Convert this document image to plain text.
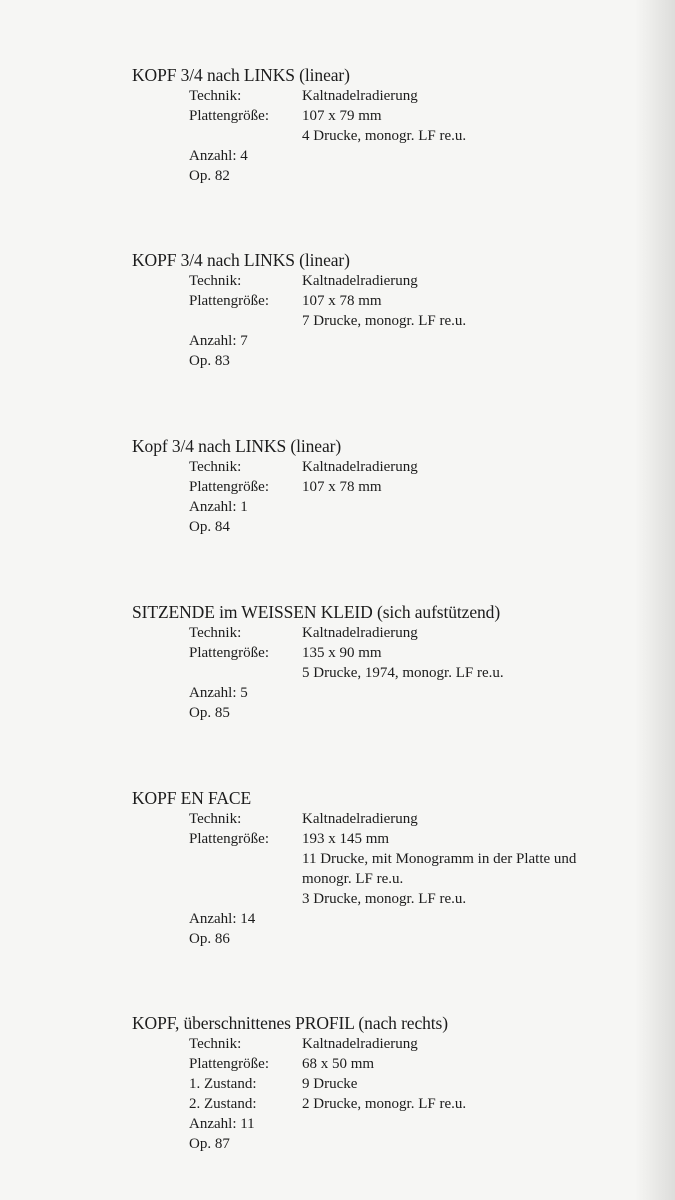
KOPF 3/4 nach LINKS (linear)
Technik:	Kaltnadelradierung
Plattengröße: 107 x 79 mm
4 Drucke, monogr. LF re.u.
Anzahl: 4
Op. 82
KOPF 3/4 nach LINKS (linear)
Technik:	Kaltnadelradierung
Plattengröße: 107 x 78 mm
7 Drucke, monogr. LF re.u.
Anzahl: 7
Op. 83
Kopf 3/4 nach LINKS (linear)
Technik:	Kaltnadelradierung
Plattengröße: 107 x 78 mm
Anzahl: 1
Op. 84
SITZENDE im WEISSEN KLEID (sich aufstützend)
Technik:	Kaltnadelradierung
Plattengröße: 135 x 90 mm
5 Drucke, 1974, monogr. LF re.u.
Anzahl: 5
Op. 85
KOPF EN FACE
Technik:	Kaltnadelradierung
Plattengröße: 193 x 145 mm
11 Drucke, mit Monogramm in der Platte und
monogr. LF re.u.
3 Drucke, monogr. LF re.u.
Anzahl: 14
Op. 86
KOPF, überschnittenes PROFIL (nach rechts)
Technik:	Kaltnadelradierung
Plattengröße: 68 x 50 mm
1. Zustand:	9 Drucke
2. Zustand:	2 Drucke, monogr. LF re.u.
Anzahl: 11
Op. 87
